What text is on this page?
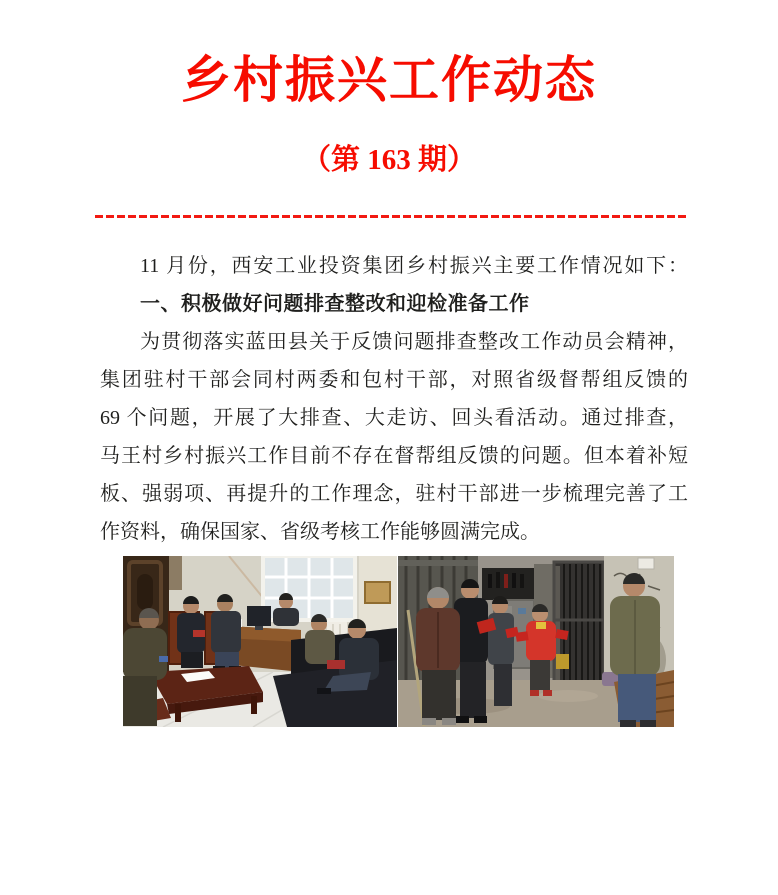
乡村振兴工作动态
（第 163 期）
11 月份，西安工业投资集团乡村振兴主要工作情况如下：
一、积极做好问题排查整改和迎检准备工作
为贯彻落实蓝田县关于反馈问题排查整改工作动员会精神，
集团驻村干部会同村两委和包村干部，对照省级督帮组反馈的
69 个问题，开展了大排查、大走访、回头看活动。通过排查，
马王村乡村振兴工作目前不存在督帮组反馈的问题。但本着补短
板、强弱项、再提升的工作理念，驻村干部进一步梳理完善了工
作资料，确保国家、省级考核工作能够圆满完成。
